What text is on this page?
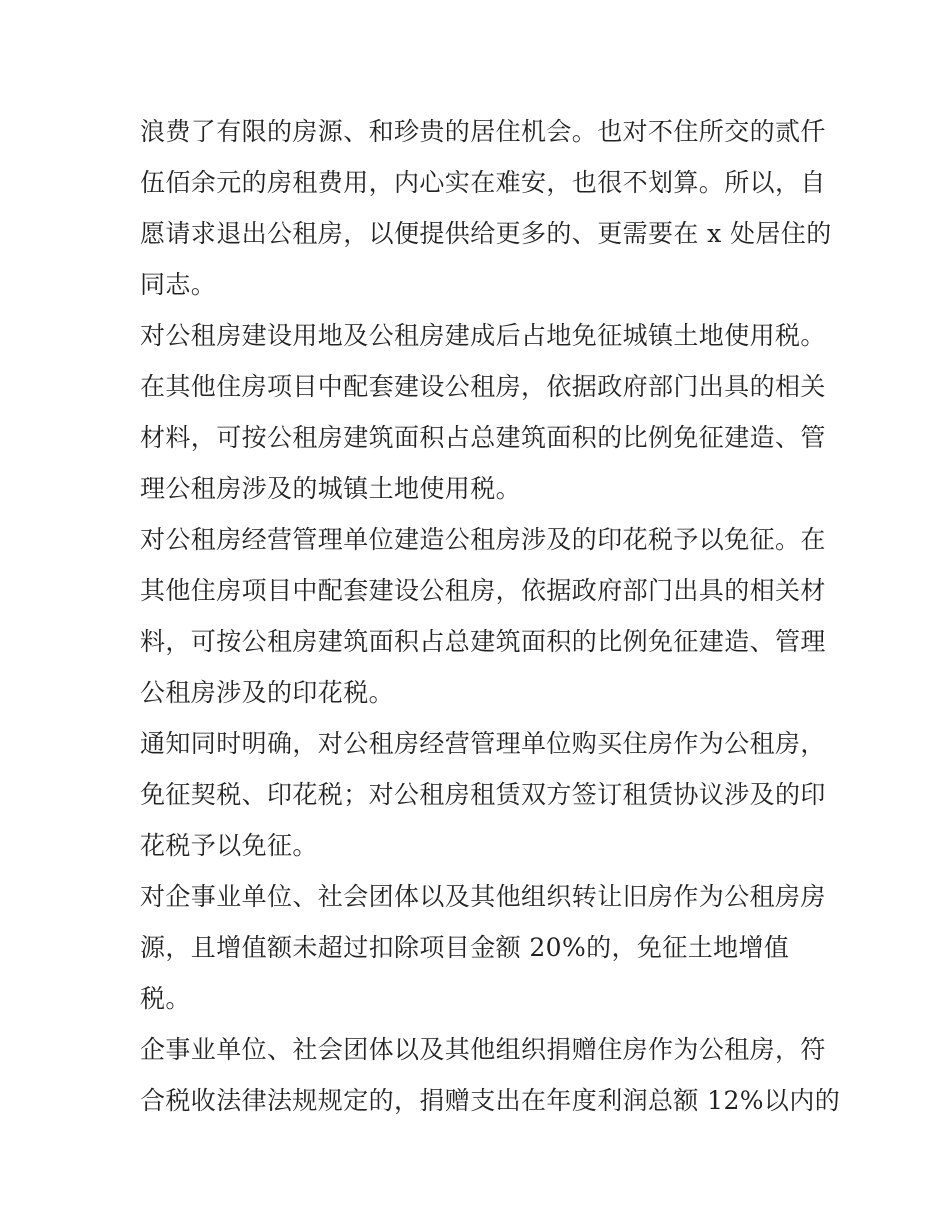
浪费了有限的房源、和珍贵的居住机会。也对不住所交的贰仟
伍佰余元的房租费用，内心实在难安，也很不划算。所以，自
愿请求退出公租房，以便提供给更多的、更需要在 x 处居住的
同志。

对公租房建设用地及公租房建成后占地免征城镇土地使用税。
在其他住房项目中配套建设公租房，依据政府部门出具的相关
材料，可按公租房建筑面积占总建筑面积的比例免征建造、管
理公租房涉及的城镇土地使用税。

对公租房经营管理单位建造公租房涉及的印花税予以免征。在
其他住房项目中配套建设公租房，依据政府部门出具的相关材
料，可按公租房建筑面积占总建筑面积的比例免征建造、管理
公租房涉及的印花税。

通知同时明确，对公租房经营管理单位购买住房作为公租房，
免征契税、印花税；对公租房租赁双方签订租赁协议涉及的印
花税予以免征。

对企事业单位、社会团体以及其他组织转让旧房作为公租房房
源，且增值额未超过扣除项目金额 20%的，免征土地增值
税。

企事业单位、社会团体以及其他组织捐赠住房作为公租房，符
合税收法律法规规定的，捐赠支出在年度利润总额 12%以内的
